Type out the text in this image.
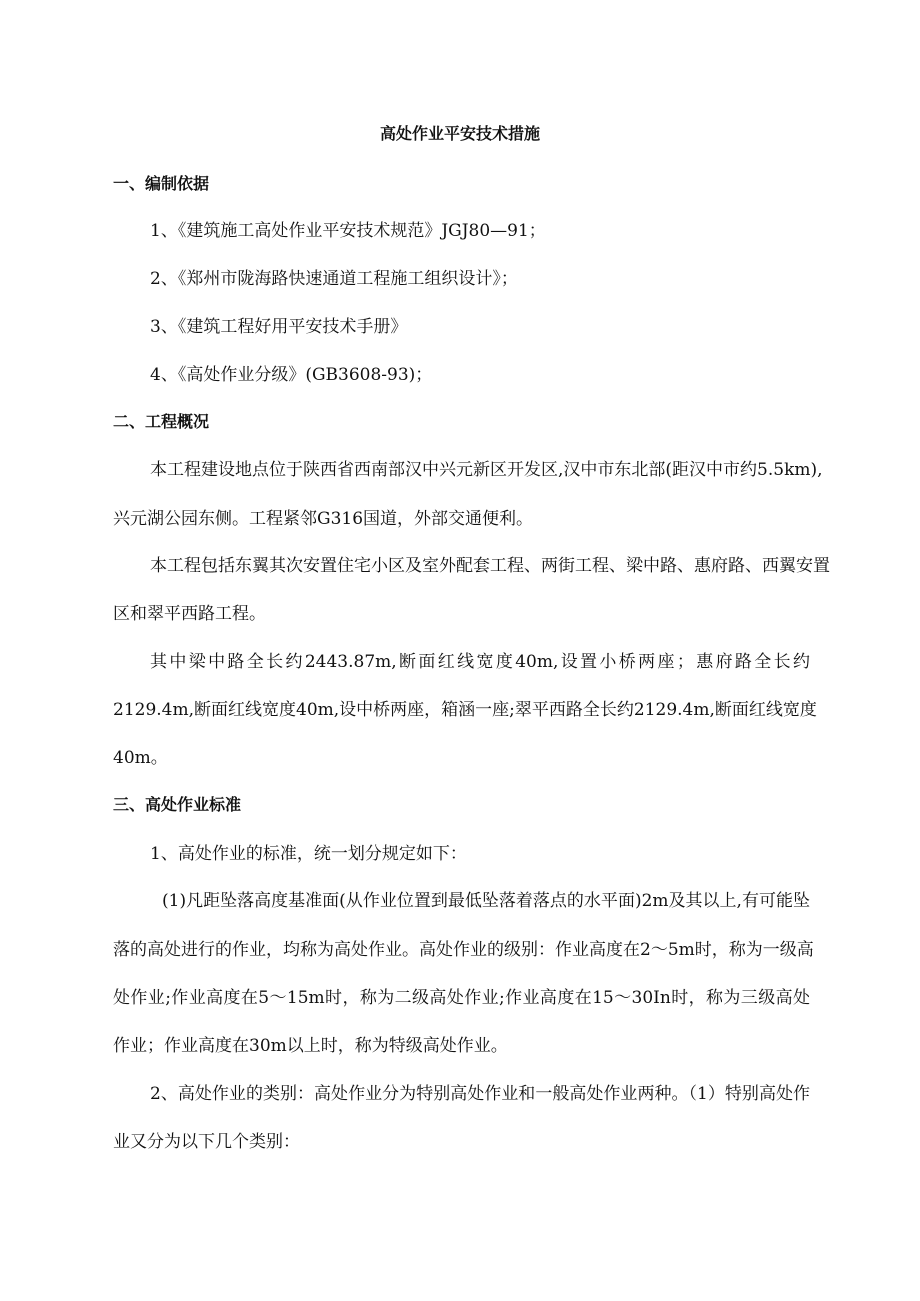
高处作业平安技术措施
一、编制依据
1、《建筑施工高处作业平安技术规范》JGJ80—91；
2、《郑州市陇海路快速通道工程施工组织设计》；
3、《建筑工程好用平安技术手册》
4、《高处作业分级》(GB3608-93)；
二、工程概况
本工程建设地点位于陕西省西南部汉中兴元新区开发区,汉中市东北部(距汉中市约5.5km),
兴元湖公园东侧。工程紧邻G316国道，外部交通便利。
本工程包括东翼其次安置住宅小区及室外配套工程、两街工程、梁中路、惠府路、西翼安置
区和翠平西路工程。
其中梁中路全长约2443.87m,断面红线宽度40m,设置小桥两座；惠府路全长约
2129.4m,断面红线宽度40m,设中桥两座，箱涵一座;翠平西路全长约2129.4m,断面红线宽度
40m。
三、高处作业标准
1、高处作业的标准，统一划分规定如下：
(1)凡距坠落高度基准面(从作业位置到最低坠落着落点的水平面)2m及其以上,有可能坠
落的高处进行的作业，均称为高处作业。高处作业的级别：作业高度在2～5m时，称为一级高
处作业;作业高度在5～15m时，称为二级高处作业;作业高度在15～30In时，称为三级高处
作业；作业高度在30m以上时，称为特级高处作业。
2、高处作业的类别：高处作业分为特别高处作业和一般高处作业两种。（1）特别高处作
业又分为以下几个类别：
